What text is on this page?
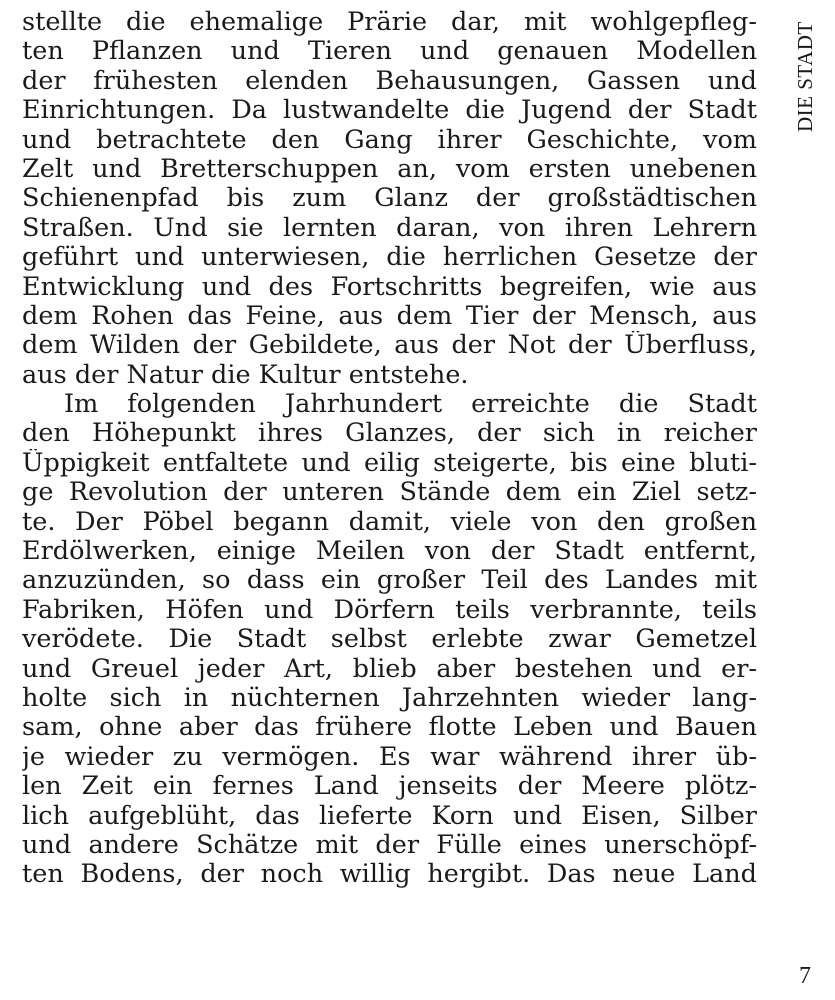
stellte die ehemalige Prärie dar, mit wohlgepfleg-
ten Pflanzen und Tieren und genauen Modellen
der frühesten elenden Behausungen, Gassen und
Einrichtungen. Da lustwandelte die Jugend der Stadt
und betrachtete den Gang ihrer Geschichte, vom
Zelt und Bretterschuppen an, vom ersten unebenen
Schienenpfad bis zum Glanz der großstädtischen
Straßen. Und sie lernten daran, von ihren Lehrern
geführt und unterwiesen, die herrlichen Gesetze der
Entwicklung und des Fortschritts begreifen, wie aus
dem Rohen das Feine, aus dem Tier der Mensch, aus
dem Wilden der Gebildete, aus der Not der Überfluss,
aus der Natur die Kultur entstehe.
Im folgenden Jahrhundert erreichte die Stadt
den Höhepunkt ihres Glanzes, der sich in reicher
Üppigkeit entfaltete und eilig steigerte, bis eine bluti-
ge Revolution der unteren Stände dem ein Ziel setz-
te. Der Pöbel begann damit, viele von den großen
Erdölwerken, einige Meilen von der Stadt entfernt,
anzuzünden, so dass ein großer Teil des Landes mit
Fabriken, Höfen und Dörfern teils verbrannte, teils
verödete. Die Stadt selbst erlebte zwar Gemetzel
und Greuel jeder Art, blieb aber bestehen und er-
holte sich in nüchternen Jahrzehnten wieder lang-
sam, ohne aber das frühere flotte Leben und Bauen
je wieder zu vermögen. Es war während ihrer üb-
len Zeit ein fernes Land jenseits der Meere plötz-
lich aufgeblüht, das lieferte Korn und Eisen, Silber
und andere Schätze mit der Fülle eines unerschöpf-
ten Bodens, der noch willig hergibt. Das neue Land
DIE STADT
7
